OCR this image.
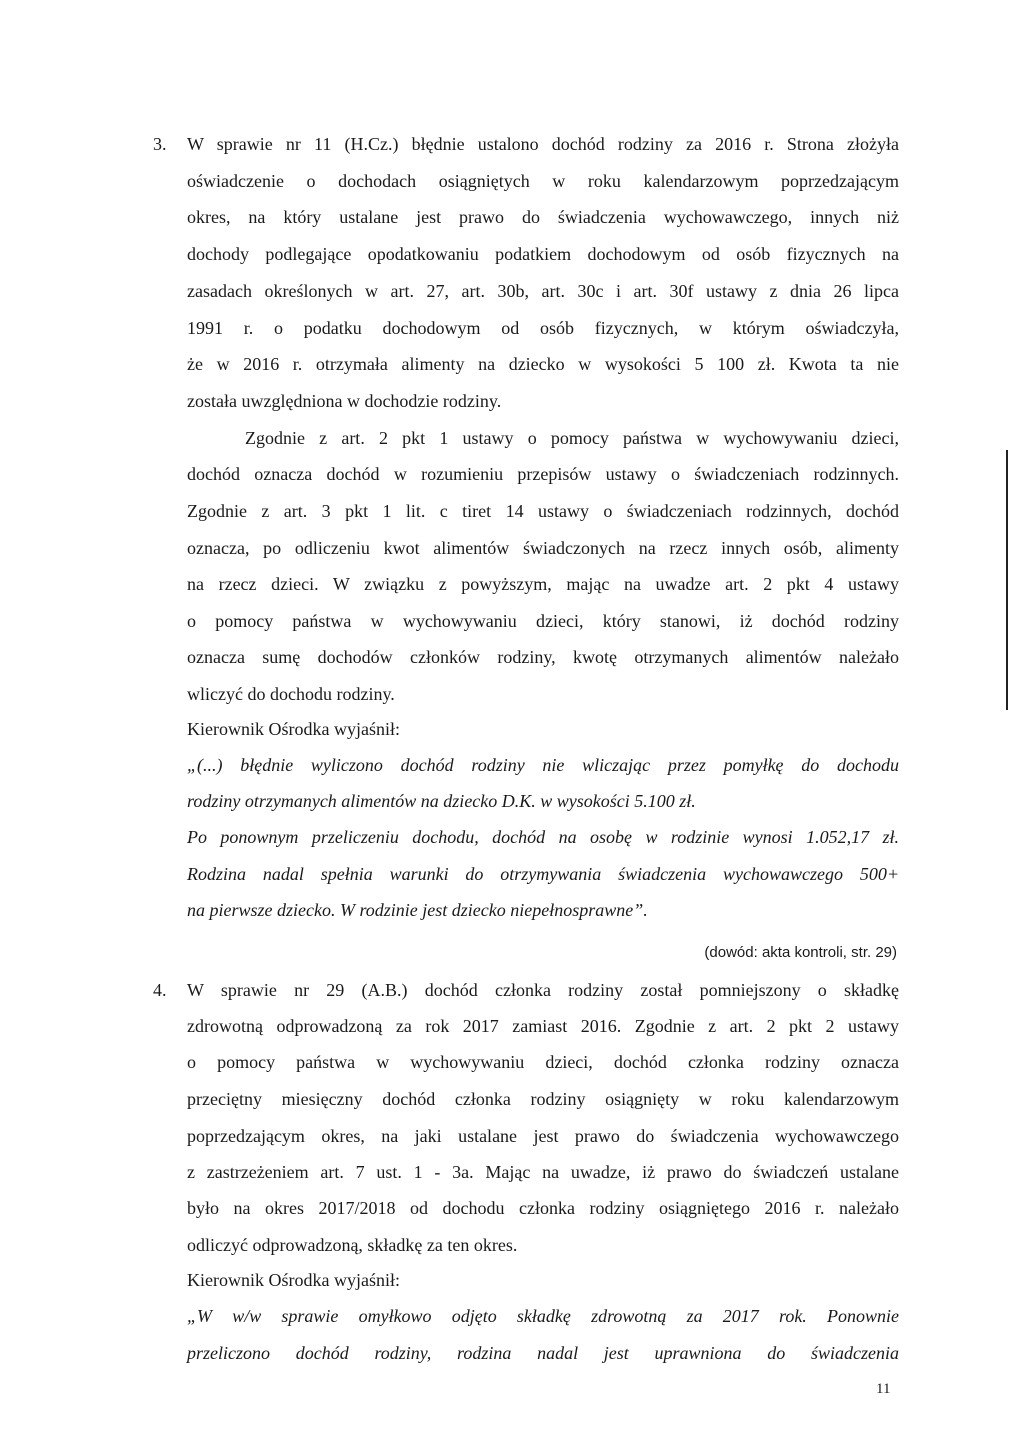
3. W sprawie nr 11 (H.Cz.) błędnie ustalono dochód rodziny za 2016 r. Strona złożyła
oświadczenie o dochodach osiągniętych w roku kalendarzowym poprzedzającym
okres, na który ustalane jest prawo do świadczenia wychowawczego, innych niż
dochody podlegające opodatkowaniu podatkiem dochodowym od osób fizycznych na
zasadach określonych w art. 27, art. 30b, art. 30c i art. 30f ustawy z dnia 26 lipca
1991 r. o podatku dochodowym od osób fizycznych, w którym oświadczyła,
że w 2016 r. otrzymała alimenty na dziecko w wysokości 5 100 zł. Kwota ta nie
została uwzględniona w dochodzie rodziny.
Zgodnie z art. 2 pkt 1 ustawy o pomocy państwa w wychowywaniu dzieci,
dochód oznacza dochód w rozumieniu przepisów ustawy o świadczeniach rodzinnych.
Zgodnie z art. 3 pkt 1 lit. c tiret 14 ustawy o świadczeniach rodzinnych, dochód
oznacza, po odliczeniu kwot alimentów świadczonych na rzecz innych osób, alimenty
na rzecz dzieci. W związku z powyższym, mając na uwadze art. 2 pkt 4 ustawy
o pomocy państwa w wychowywaniu dzieci, który stanowi, iż dochód rodziny
oznacza sumę dochodów członków rodziny, kwotę otrzymanych alimentów należało
wliczyć do dochodu rodziny.
Kierownik Ośrodka wyjaśnił:
„(...) błędnie wyliczono dochód rodziny nie wliczając przez pomyłkę do dochodu
rodziny otrzymanych alimentów na dziecko D.K. w wysokości 5.100 zł.
Po ponownym przeliczeniu dochodu, dochód na osobę w rodzinie wynosi 1.052,17 zł.
Rodzina nadal spełnia warunki do otrzymywania świadczenia wychowawczego 500+
na pierwsze dziecko. W rodzinie jest dziecko niepełnosprawne”.
(dowód: akta kontroli, str. 29)
4. W sprawie nr 29 (A.B.) dochód członka rodziny został pomniejszony o składkę
zdrowotną odprowadzoną za rok 2017 zamiast 2016. Zgodnie z art. 2 pkt 2 ustawy
o pomocy państwa w wychowywaniu dzieci, dochód członka rodziny oznacza
przeciętny miesięczny dochód członka rodziny osiągnięty w roku kalendarzowym
poprzedzającym okres, na jaki ustalane jest prawo do świadczenia wychowawczego
z zastrzeżeniem art. 7 ust. 1 - 3a. Mając na uwadze, iż prawo do świadczeń ustalane
było na okres 2017/2018 od dochodu członka rodziny osiągniętego 2016 r. należało
odliczyć odprowadzoną, składkę za ten okres.
Kierownik Ośrodka wyjaśnił:
„W w/w sprawie omyłkowo odjęto składkę zdrowotną za 2017 rok. Ponownie
przeliczono dochód rodziny, rodzina nadal jest uprawniona do świadczenia
11
